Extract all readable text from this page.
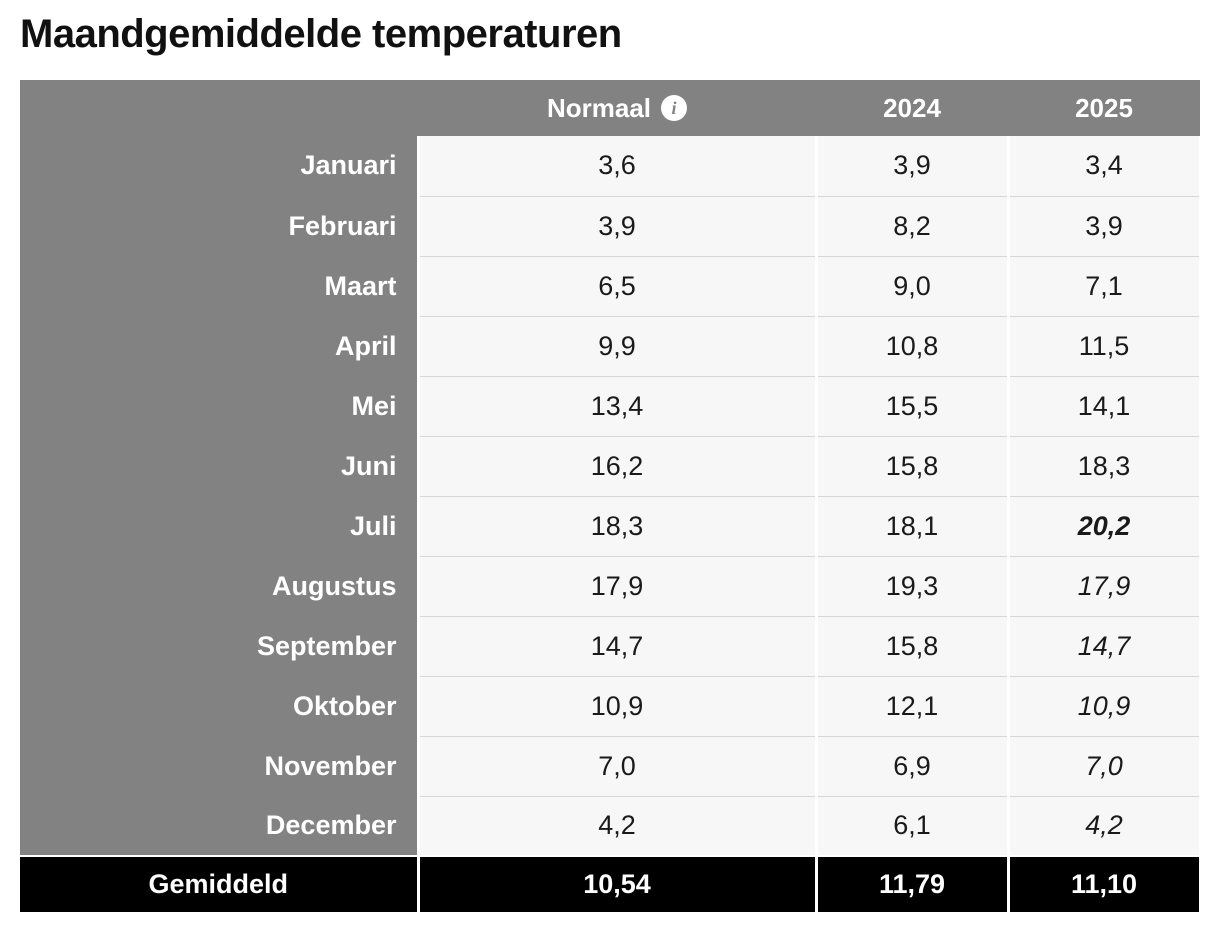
Maandgemiddelde temperaturen

	Normaal i	2024	2025
Januari	3,6	3,9	3,4
Februari	3,9	8,2	3,9
Maart	6,5	9,0	7,1
April	9,9	10,8	11,5
Mei	13,4	15,5	14,1
Juni	16,2	15,8	18,3
Juli	18,3	18,1	20,2
Augustus	17,9	19,3	17,9
September	14,7	15,8	14,7
Oktober	10,9	12,1	10,9
November	7,0	6,9	7,0
December	4,2	6,1	4,2
Gemiddeld	10,54	11,79	11,10
